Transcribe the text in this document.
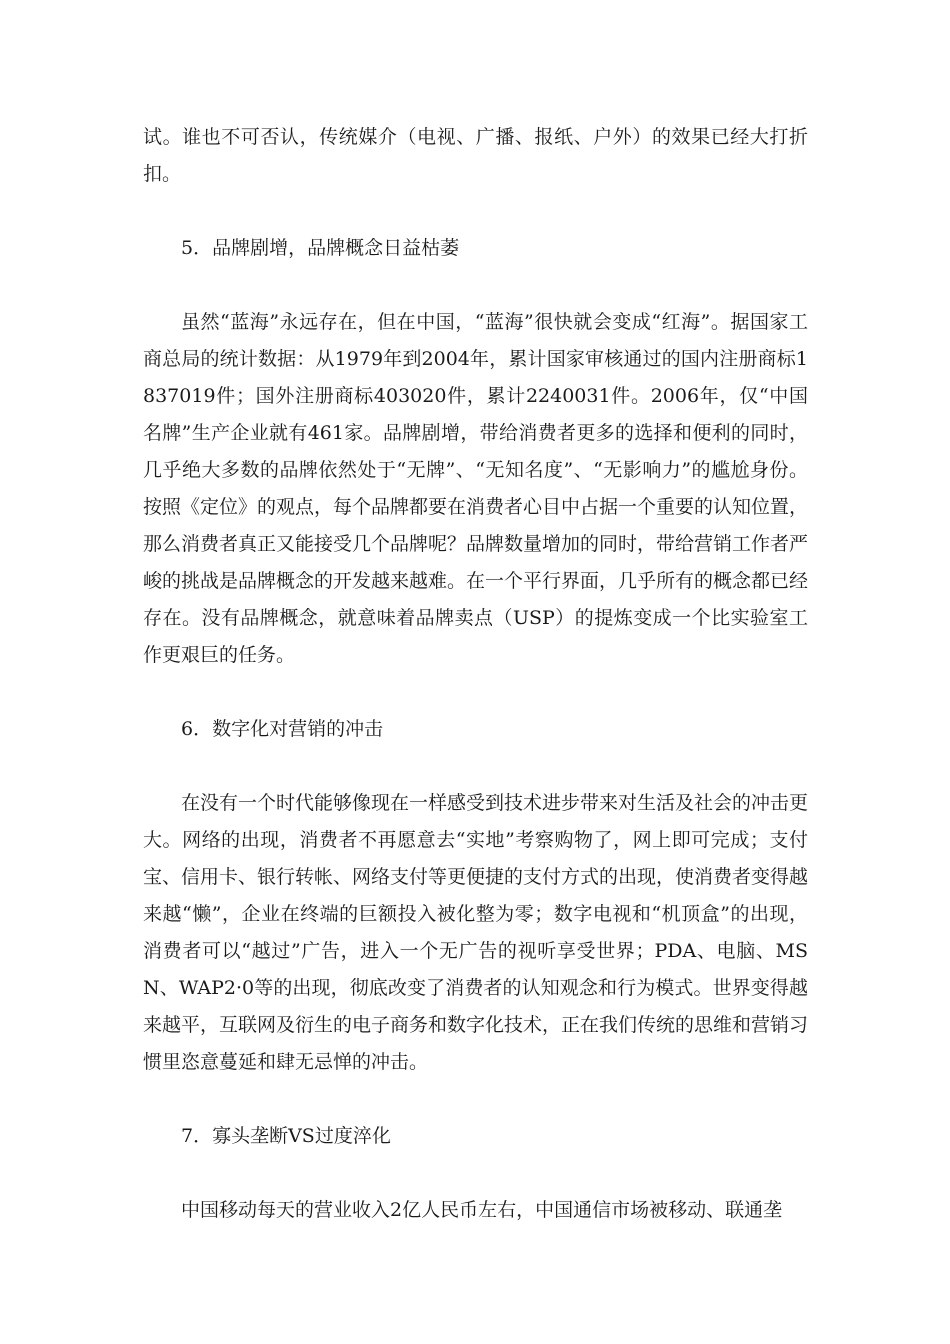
试。谁也不可否认，传统媒介（电视、广播、报纸、户外）的效果已经大打折扣。

5．品牌剧增，品牌概念日益枯萎

虽然“蓝海”永远存在，但在中国，“蓝海”很快就会变成“红海”。据国家工商总局的统计数据：从1979年到2004年，累计国家审核通过的国内注册商标1837019件；国外注册商标403020件，累计2240031件。2006年，仅“中国名牌”生产企业就有461家。品牌剧增，带给消费者更多的选择和便利的同时，几乎绝大多数的品牌依然处于“无牌”、“无知名度”、“无影响力”的尴尬身份。按照《定位》的观点，每个品牌都要在消费者心目中占据一个重要的认知位置，那么消费者真正又能接受几个品牌呢？品牌数量增加的同时，带给营销工作者严峻的挑战是品牌概念的开发越来越难。在一个平行界面，几乎所有的概念都已经存在。没有品牌概念，就意味着品牌卖点（USP）的提炼变成一个比实验室工作更艰巨的任务。

6．数字化对营销的冲击

在没有一个时代能够像现在一样感受到技术进步带来对生活及社会的冲击更大。网络的出现，消费者不再愿意去“实地”考察购物了，网上即可完成；支付宝、信用卡、银行转帐、网络支付等更便捷的支付方式的出现，使消费者变得越来越“懒”，企业在终端的巨额投入被化整为零；数字电视和“机顶盒”的出现，消费者可以“越过”广告，进入一个无广告的视听享受世界；PDA、电脑、MSN、WAP2·0等的出现，彻底改变了消费者的认知观念和行为模式。世界变得越来越平，互联网及衍生的电子商务和数字化技术，正在我们传统的思维和营销习惯里恣意蔓延和肆无忌惮的冲击。

7．寡头垄断VS过度淬化

中国移动每天的营业收入2亿人民币左右，中国通信市场被移动、联通垄
